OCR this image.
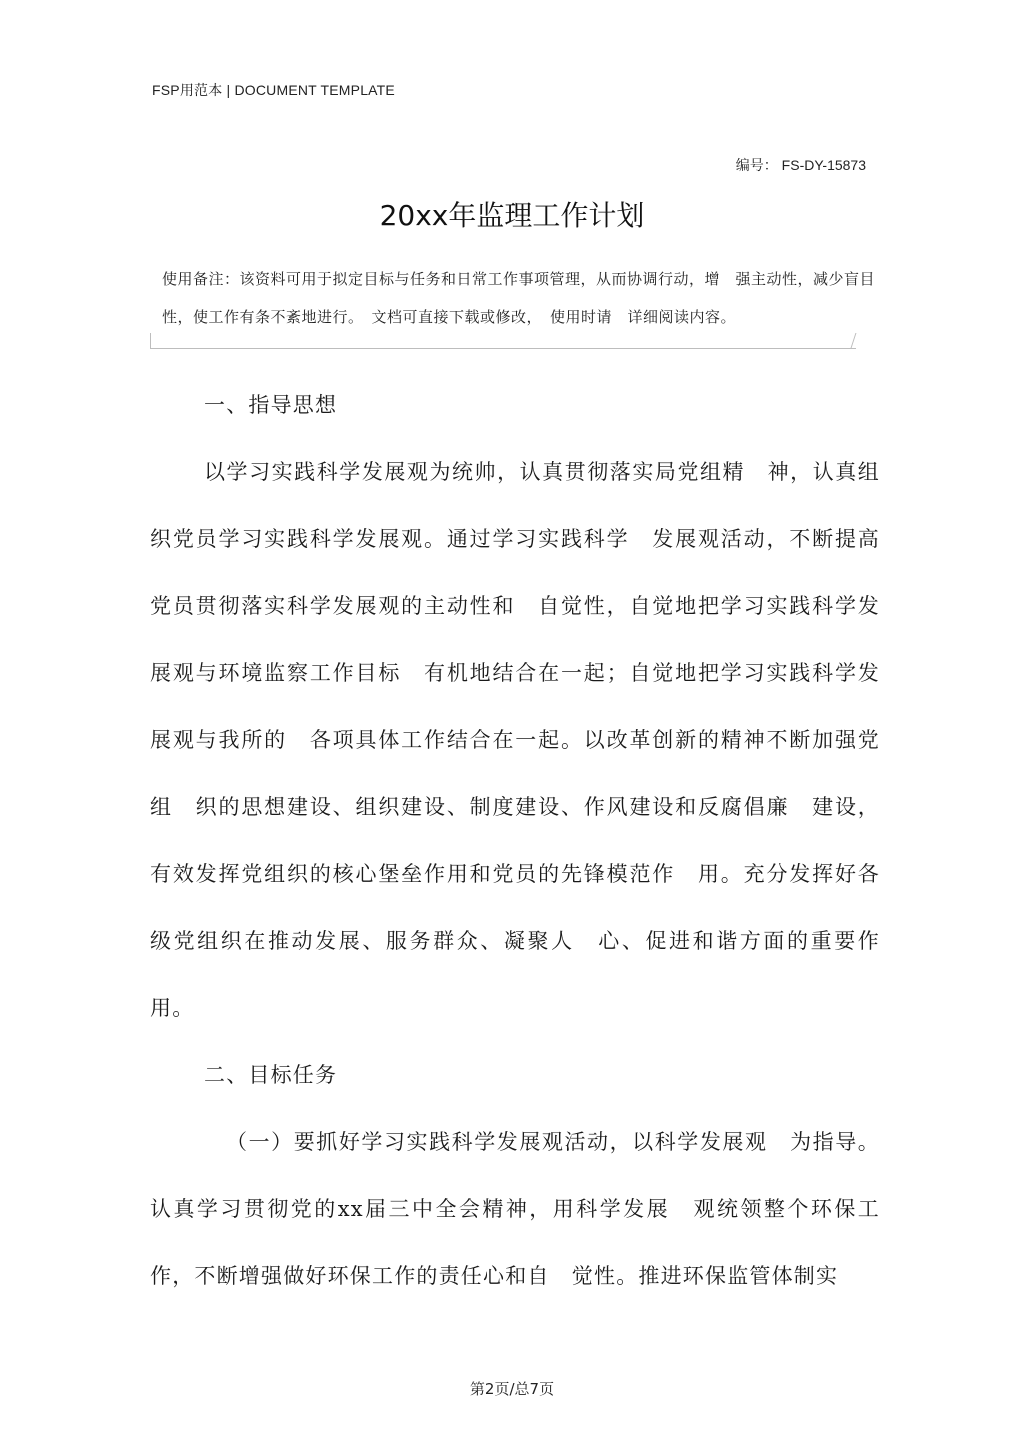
FSP用范本 | DOCUMENT TEMPLATE
编号： FS-DY-15873
20xx年监理工作计划
使用备注：该资料可用于拟定目标与任务和日常工作事项管理，从而协调行动，增　强主动性，减少盲目性，使工作有条不紊地进行。　文档可直接下载或修改，　使用时请　详细阅读内容。
一、指导思想

以学习实践科学发展观为统帅，认真贯彻落实局党组精　神，认真组织党员学习实践科学发展观。通过学习实践科学　发展观活动，不断提高党员贯彻落实科学发展观的主动性和　自觉性，自觉地把学习实践科学发展观与环境监察工作目标　有机地结合在一起；自觉地把学习实践科学发展观与我所的　各项具体工作结合在一起。以改革创新的精神不断加强党组　织的思想建设、组织建设、制度建设、作风建设和反腐倡廉　建设，有效发挥党组织的核心堡垒作用和党员的先锋模范作　用。充分发挥好各级党组织在推动发展、服务群众、凝聚人　心、促进和谐方面的重要作用。

二、目标任务

（一）要抓好学习实践科学发展观活动，以科学发展观　为指导。认真学习贯彻党的xx届三中全会精神，用科学发展　观统领整个环保工作，不断增强做好环保工作的责任心和自　觉性。推进环保监管体制实

第2页/总7页
